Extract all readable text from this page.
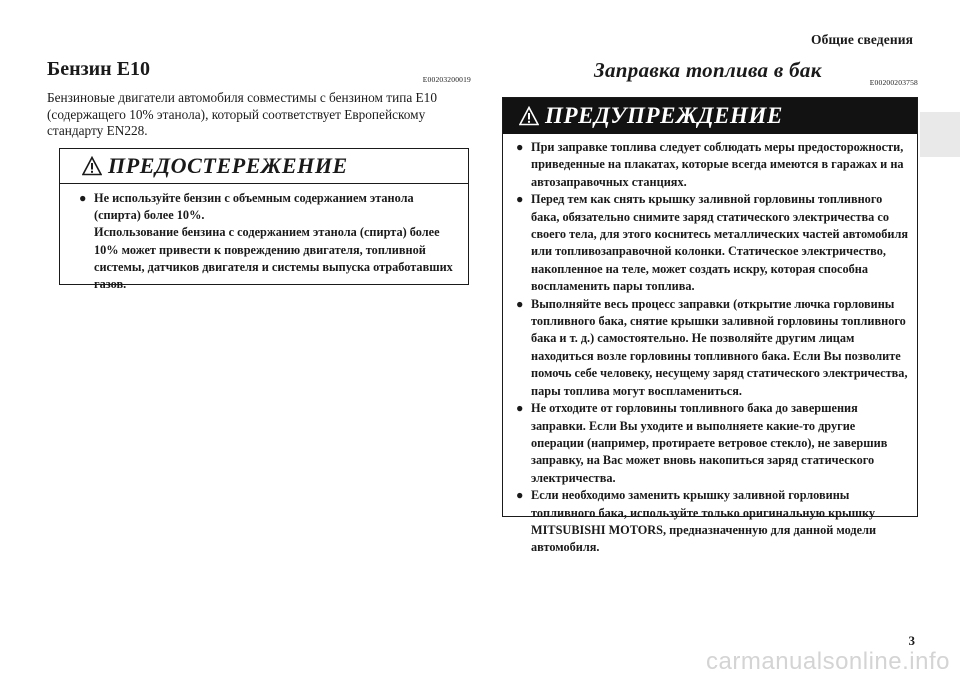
Общие сведения
Бензин E10	E00203200019
Бензиновые двигатели автомобиля совместимы с бензином типа E10 (содержащего 10% этанола), который соответствует Европейскому стандарту EN228.
ПРЕДОСТЕРЕЖЕНИЕ
● Не используйте бензин с объемным содержанием этанола (спирта) более 10%.
Использование бензина с содержанием этанола (спирта) более 10% может привести к повреждению двигателя, топливной системы, датчиков двигателя и системы выпуска отработавших газов.
Заправка топлива в бак
E00200203758
ПРЕДУПРЕЖДЕНИЕ
● При заправке топлива следует соблюдать меры предосторожности, приведенные на плакатах, которые всегда имеются в гаражах и на автозаправочных станциях.
● Перед тем как снять крышку заливной горловины топливного бака, обязательно снимите заряд статического электричества со своего тела, для этого коснитесь металлических частей автомобиля или топливозаправочной колонки. Статическое электричество, накопленное на теле, может создать искру, которая способна воспламенить пары топлива.
● Выполняйте весь процесс заправки (открытие лючка горловины топливного бака, снятие крышки заливной горловины топливного бака и т. д.) самостоятельно. Не позволяйте другим лицам находиться возле горловины топливного бака. Если Вы позволите помочь себе человеку, несущему заряд статического электричества, пары топлива могут воспламениться.
● Не отходите от горловины топливного бака до завершения заправки. Если Вы уходите и выполняете какие-то другие операции (например, протираете ветровое стекло), не завершив заправку, на Вас может вновь накопиться заряд статического электричества.
● Если необходимо заменить крышку заливной горловины топливного бака, используйте только оригинальную крышку MITSUBISHI MOTORS, предназначенную для данной модели автомобиля.
3
carmanualsonline.info
